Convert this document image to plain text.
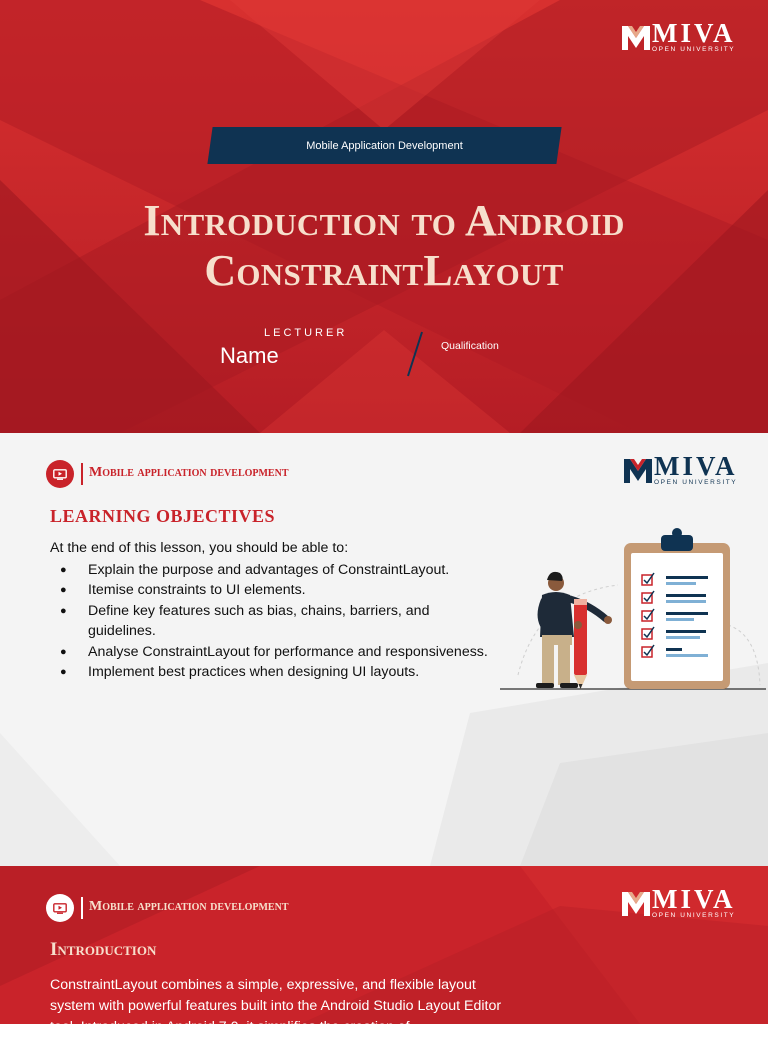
MIVA
OPEN UNIVERSITY
Mobile Application Development
Introduction to Android
ConstraintLayout
LECTURER
Name	Qualification
Mobile application development	MIVA
OPEN UNIVERSITY
LEARNING OBJECTIVES
At the end of this lesson, you should be able to:
● Explain the purpose and advantages of ConstraintLayout.
● Itemise constraints to UI elements.
● Define key features such as bias, chains, barriers, and guidelines.
● Analyse ConstraintLayout for performance and responsiveness.
● Implement best practices when designing UI layouts.
Mobile application development	MIVA
OPEN UNIVERSITY
Introduction
ConstraintLayout combines a simple, expressive, and flexible layout system with powerful features built into the Android Studio Layout Editor tool. Introduced in Android 7.0, it simplifies the creation of
